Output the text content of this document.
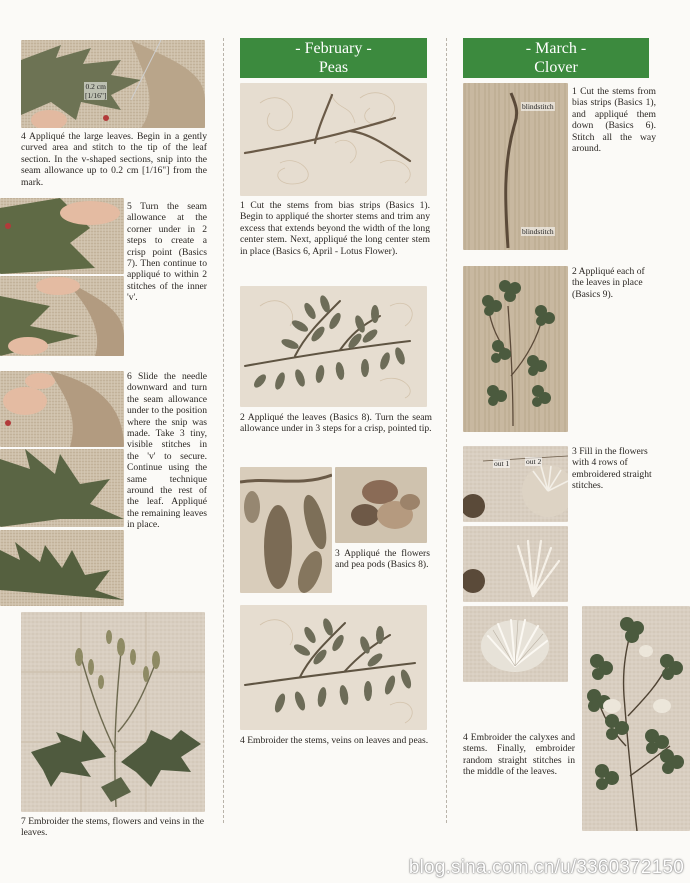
0.2 cm
[1/16"]
4 Appliqué the large leaves. Begin in a gently curved area and stitch to the tip of the leaf section. In the v-shaped sections, snip into the seam allowance up to 0.2 cm [1/16"] from the mark.
5 Turn the seam allowance at the corner under in 2 steps to create a crisp point (Basics 7). Then continue to appliqué to within 2 stitches of the inner 'v'.
6 Slide the needle downward and turn the seam allowance under to the position where the snip was made. Take 3 tiny, visible stitches in the 'v' to secure. Continue using the same technique around the rest of the leaf. Appliqué the remaining leaves in place.
7 Embroider the stems, flowers and veins in the leaves.
- February -
Peas
1 Cut the stems from bias strips (Basics 1). Begin to appliqué the shorter stems and trim any excess that extends beyond the width of the long center stem. Next, appliqué the long center stem in place (Basics 6, April - Lotus Flower).
2 Appliqué the leaves (Basics 8). Turn the seam allowance under in 3 steps for a crisp, pointed tip.
3 Appliqué the flowers and pea pods (Basics 8).
4 Embroider the stems, veins on leaves and peas.
- March -
Clover
blindstitch
blindstitch
1 Cut the stems from bias strips (Basics 1), and appliqué them down (Basics 6). Stitch all the way around.
2 Appliqué each of the leaves in place (Basics 9).
out 1 out 2
3 Fill in the flowers with 4 rows of embroidered straight stitches.
4 Embroider the calyxes and stems. Finally, embroider random straight stitches in the middle of the leaves.
blog.sina.com.cn/u/3360372150
